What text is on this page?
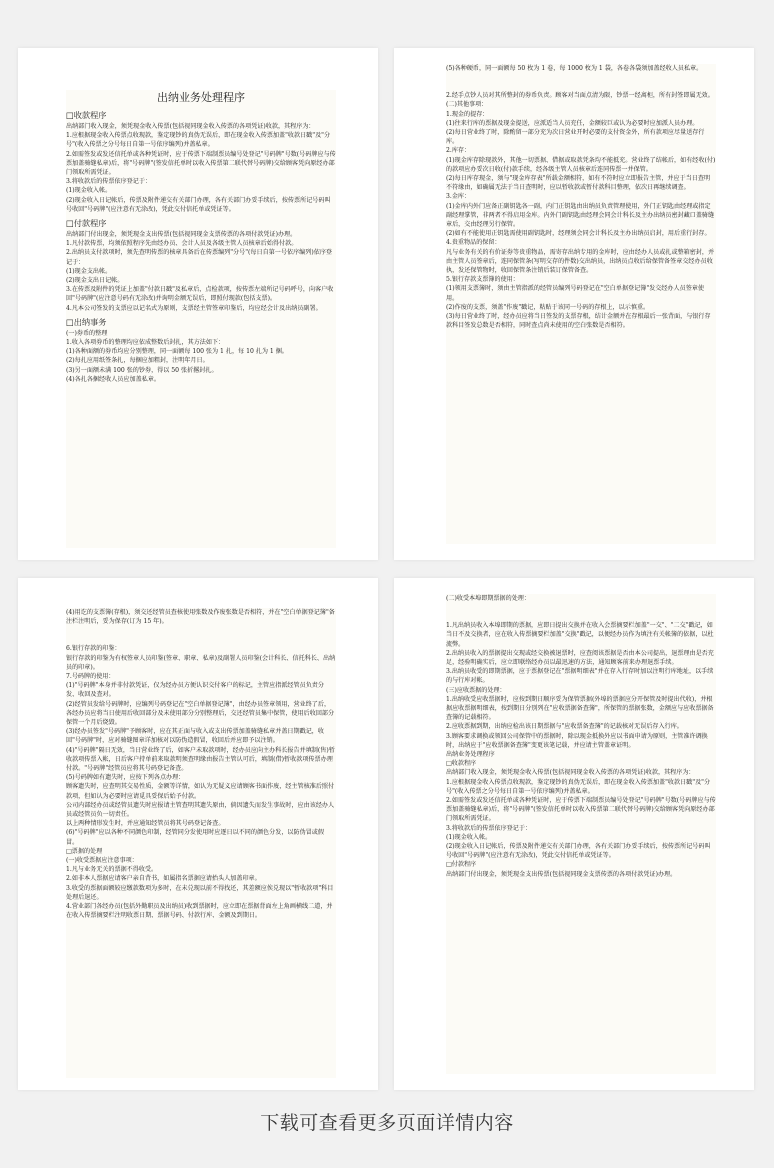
出纳业务处理程序

□收款程序

出纳部门收入现金，须凭现金收入传票(包括视同现金收入传票的各项凭证)收款，其程序为：

1.应根据现金收入传票点收现款，鉴定现钞的真伪无误后，即在现金收入传票加盖"收款日戳"及"分号"(收入传票之分号每日自第一号依序编列)并盖私章。

2.如需签发或发还信托单或各种凭证时，应于传票下端制票员编号处登记"号码牌"号数(号码牌应与传票加盖骑缝私章)后，将"号码牌"(签发信托单时以收入传票第二联代替号码牌)交给顾客凭向原经办部门领取所需凭证。

3.将收款后的传票依序登记于：

(1)现金收入帐。

(2)现金收入日记帐后，传票及附件递交有关部门办理，各有关部门办妥手续后，按传票所记号码叫号收回"号码牌"(应注意有无涂改)，凭此交付信托单或凭证等。

□付款程序

出纳部门付出现金，须凭现金支出传票(包括视同现金支票传票的各项付款凭证)办理。

1.凡付款传票，均须依照程序先由经办员、会计人员及各级主管人员核章后始得付款。

2.出纳员支付款项时，须先查明传票的核章具备后在传票编列"分号"(每日自第一号依序编列)依序登记于：

(1)现金支出帐。

(2)现金支出日记帐。

3.在传票及附件的凭证上加盖"付款日戳"及私章后，点检款项，按传票左端所记号码呼号，向客户收回"号码牌"(应注意号码有无涂改)并询明金额无误后，即照付现款(包括支票)。

4.凡本公司签发的支票应以记名式为原则，支票经主管签章印鉴后，均应经会计及出纳员副署。

□出纳事务

(一)券币的整理

1.收入各项券币的整理均应依成整数后封扎，其方法如下：

(1)各种面额的券币均应分别整理，同一面额每 100 张为 1 扎，每 10 扎为 1 捆。

(2)每扎应用纸签条扎，每捆应加粗封，注明年月日。

(3)另一面额未满 100 张的钞券，得以 50 张折撂封扎。

(4)各扎各捆经收人员应加盖私章。

(5)各种硬币，同一面额每 50 枚为 1 卷，每 1000 枚为 1 袋，各卷各袋须加盖经收人员私章。

2.经手点钞人员对其所整封的券币负责。顾客对当面点清为限，钞票一经离柜，所有封签即属无效。

(二)其他事项：

1.现金的提存：

(1)往来行库的票据及现金提送，应派适当人员充任，金额较巨或认为必要时应加派人员办理。

(2)每日营业终了时，除酌留一部分充为次日营业开时必要的支付资金外，所有款项应尽量送存行库。

2.库存：

(1)现金库存除现款外，其他一切票据、借据或取款凭条均不能抵充。营业终了结帐后，如有经收(付)的款项应办妥次日收(付)款手续，经各级主管人员核章后连同传票一并保管。

(2)每日库存现金，须与"现金库存表"所载金额相符，如有不符时应立即报告主管，并应于当日查明不符缘由，如确属无法于当日查明时，应以暂收款或暂付款科目整理，依次日再继续调查。

3.金库：

(1)金库内外门应备正副钥匙各一副，内门正钥匙由出纳员负责管理使用，外门正钥匙由经理或指定副经理掌管，非两者不得启用金库。内外门副钥匙由经理会同会计科长及主办出纳员密封藏口盖骑缝章后，交由经理另行保管。

(2)如有不能使用正钥匙需使用副钥匙时，经理须会同会计科长及主办出纳员启封，用后重行封存。

4.贵重物品的保留：

凡与业务有关的有价证券等贵重物品，需寄存出纳专用的金库时，应由经办人员或扎或整箱密封，并由主管人员签章后，连同保管条(写明交存的件数)交出纳员，出纳员点收后给保管备签章交经办员收执，发还保管物时，收回保管条注销后装订保管备查。

5.银行存款支票簿的使用：

(1)领用支票簿时，须由主管指派的经管员编列号码登记在"空白单据登记簿"发交经办人员签章使用。

(2)作废的支票，须盖"作废"戳记，粘贴于该同一号码的存根上，以示慎重。

(3)每日营业终了时，经办员应将当日签发的支票存根，结计金额并在存根最后一张背面，与银行存款科目签发总数是否相符，同时查点尚未使用的空白张数是否相符。

(4)用讫的支票簿(存根)，须交还经管员查核使用张数及作废张数是否相符，并在"空白单据登记簿"备注栏注明后，妥为保存(订为 15 年)。

6.银行存款的印鉴：

银行存款的印鉴为有权签章人员印鉴(签章、职章、私章)及副署人员印鉴(会计科长、信托科长、出纳员的印章)。

7.号码牌的使用：

(1)"号码牌"本身并非付款凭证，仅为经办员方便认识交付客户的标记，主管应指派经管员负责分发、收回及查对。

(2)经管员发给号码牌时，应编列号码登记在"空白单据登记簿"，由经办员签章领用，营业终了后，各经办员应将当日使用后收回部分及未使用部分分别整理后，交还经管员集中保管，使用后收回部分保管一个月后烧毁。

(3)经办员签发"号码牌"予顾客时，应在其正面与收入或支出传票加盖骑缝私章并盖日期戳记，收回"号码牌"时，应对骑缝图章详加核对以防伪造假冒，收回后并应即予以注销。

(4)"号码牌"隔日无效，当日营业终了后，如客户未取款项时，经办员应向主办科长报告并填制(售)暂收款项传票入帐，日后客户持单前来取款明须查明缘由报告主管认可后，填制(借)暂收款项传票办理付款。"号码牌"经管员应将其号码登记备查。

(5)号码牌如有遗失时，应按下列各点办理：

顾客遗失时，应查明其交易性质，金额等详情，如认为无疑义应请顾客书面作废，经主管核准后照付款项，但如认为必要时应请觅具妥保后始予付款。

公司内部经办员或经管员遗失时应报请主管查明其遗失原由，倘因遗失而发生事故时，应由该经办人员或经管员负一切责任。

以上两种情形发生时，并应通知经管员将其号码登记备查。

(6)"号码牌"应以各种不同颜色印制，经管同分发使用时应逐日以不同的颜色分发，以防伪冒或假冒。

□票据的处理

(一)收受票据应注意事项：

1.凡与业务无关的票据不得收受。

2.如非本人票据应请客户亲自背书，如属指名票据应请抬头人加盖印章。

3.收受的票据面额较应缴款数项为多时，在未兑现以前不得找还，其差额应俟兑现以"暂收款项"科目处理后退还。

4.营业部门各经办员(包括外勤职员及出纳员)收到票据时，应立即在票据背面左上角画横线二道，并在收入传票摘要栏注明收票日期、票据号码、付款行库、金额及到期日。

(二)收受本埠即期票据的处理：

1.凡出纳员收入本埠即期的票据，应即日提出交换并在收入会票摘要栏加盖"一交"、"二交"戳记，如当日不及交换者，应在收入传票摘要栏加盖"交换"戳记，以便经办员作为填注有关帐簿的依据，以杜流弊。

2.出纳员收入的票据提出交现或经交换被退票时，应查阅该票据是否由本公司提出，退票理由是否充足，经验明确实后，应立即联络经办员以最迅速的方法，通知顾客前来办理退票手续。

3.出纳员收受的即期票据，应于票据登记在"票据明细表"并在存入行存时加以注明行库地址，以手续的与行库对帐。

(三)应收票据的处理：

1.出纳收受应收票据时，应按到期日顺序妥为保管票据(外埠的票据应分开保管及时提出代收)，并根据应收票据明细表，按到期日分别列在"应收票据备查簿"，所保管的票据张数，金额应与应收票据备查簿的记载相符。

2.应收票据到期，出纳应检出该日期票据与"应收票备查簿"的记载核对无误后存入行库。

3.顾客要求调换或领回公司保管中的票据时，除以现金抵换外应以书面申请为原则，主管准许调换时，出纳应于"应收票据备查簿"变更该笔记载，并应请主管盖章证明。

出纳业务处理程序

□收款程序

出纳部门收入现金，须凭现金收入传票(包括视同现金收入传票的各项凭证)收款，其程序为：

1.应根据现金收入传票点收现款，鉴定现钞的真伪无误后，即在现金收入传票加盖"收款日戳"及"分号"(收入传票之分号每日自第一号依序编列)并盖私章。

2.如需签发或发还信托单或各种凭证时，应于传票下端制票员编号处登记"号码牌"号数(号码牌应与传票加盖骑缝私章)后，将"号码牌"(签发信托单时以收入传票第二联代替号码牌)交给顾客凭向原经办部门领取所需凭证。

3.将收款后的传票依序登记于：

(1)现金收入帐。

(2)现金收入日记帐后，传票及附件递交有关部门办理，各有关部门办妥手续后，按传票所记号码叫号收回"号码牌"(应注意有无涂改)，凭此交付信托单或凭证等。

□付款程序

出纳部门付出现金，须凭现金支出传票(包括视同现金支票传票的各项付款凭证)办理。

下载可查看更多页面详情内容
